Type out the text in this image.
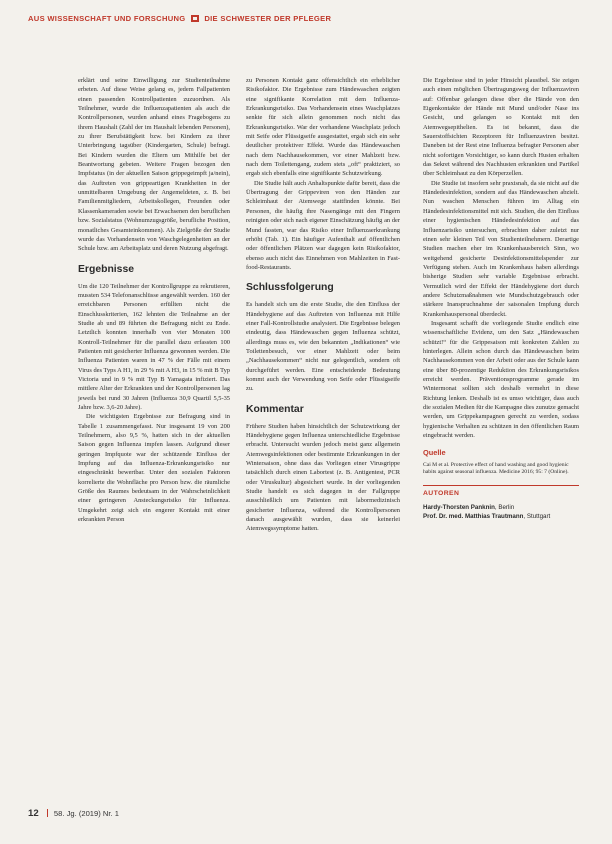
AUS WISSENSCHAFT UND FORSCHUNG DIE SCHWESTER DER PFLEGER

erklärt und seine Einwilligung zur Studienteilnahme erbeten. Auf diese Weise gelang es, jedem Fallpatienten einen passenden Kontrollpatienten zuzuordnen. Als Teilnehmer, wurde die Influenzapatienten als auch die Kontrollpersonen, wurden anhand eines Fragebogens zu ihrem Haushalt (Zahl der im Haushalt lebenden Personen), zu ihrer Berufstätigkeit bzw. bei Kindern zu ihrer Unterbringung tagsüber (Kindergarten, Schule) befragt. Bei Kindern wurden die Eltern um Mithilfe bei der Beantwortung gebeten. Weitere Fragen bezogen den Impfstatus (in der aktuellen Saison grippegeimpft ja/nein), das Auftreten von grippeartigen Krankheiten in der unmittelbaren Umgebung der Angemeldeten, z. B. bei Familienmitgliedern, Arbeitskollegen, Freunden oder Klassenkameraden sowie bei Erwachsenen den beruflichen bzw. Sozialstatus (Wohnumzugsgröße, berufliche Position, monatliches Gesamteinkommen). Als Zielgröße der Studie wurde das Vorhandensein von Waschgelegenheiten an der Schule bzw. am Arbeitsplatz und deren Nutzung abgefragt.

Ergebnisse

Um die 120 Teilnehmer der Kontrollgruppe zu rekrutieren, mussten 534 Telefonanschlüsse angewählt werden. 160 der erreichbaren Personen erfüllten nicht die Einschlusskriterien, 162 lehnten die Teilnahme an der Studie ab und 89 führten die Befragung nicht zu Ende. Letztlich konnten innerhalb von vier Monaten 100 Kontroll-Teilnehmer für die parallel dazu erfassten 100 Patienten mit gesicherter Influenza gewonnen werden. Die Influenza Patienten waren in 47 % der Fälle mit einem Virus des Typs A H1, in 29 % mit A H3, in 15 % mit B Typ Victoria und in 9 % mit Typ B Yamagata infiziert. Das mittlere Alter der Erkrankten und der Kontrollpersonen lag jeweils bei rund 30 Jahren (Influenza 30,9 Quartil 5,5-35 Jahre bzw. 3,6-20 Jahre).

Die wichtigsten Ergebnisse zur Befragung sind in Tabelle 1 zusammengefasst. Nur insgesamt 19 von 200 Teilnehmern, also 9,5 %, hatten sich in der aktuellen Saison gegen Influenza impfen lassen. Aufgrund dieser geringen Impfquote war der schützende Einfluss der Impfung auf das Influenza-Erkrankungsrisiko nur eingeschränkt bewertbar. Unter den sozialen Faktoren korrelierte die Wohnfläche pro Person bzw. die räumliche Größe des Raumes bedeutsam in der Wahrscheinlichkeit einer geringeren Ansteckungsrisiko für Influenza. Umgekehrt zeigt sich ein engerer Kontakt mit einer erkrankten Person

zu Personen Kontakt ganz offensichtlich ein erheblicher Risikofaktor. Die Ergebnisse zum Händewaschen zeigten eine signifikante Korrelation mit dem Influenza-Erkrankungsrisiko. Das Vorhandensein eines Waschplatzes senkte für sich allein genommen noch nicht das Erkrankungsrisiko. War der vorhandene Waschplatz jedoch mit Seife oder Flüssigseife ausgestattet, ergab sich ein sehr deutlicher protektiver Effekt. Wurde das Händewaschen nach dem Nachhausekommen, vor einer Mahlzeit bzw. nach dem Toilettengang, zudem stets „oft“ praktiziert, so ergab sich ebenfalls eine signifikante Schutzwirkung.

Die Studie hält auch Anhaltspunkte dafür bereit, dass die Übertragung der Grippeviren von den Händen zur Schleimhaut der Atemwege stattfinden könnte. Bei Personen, die häufig ihre Nasengänge mit den Fingern reinigten oder sich nach eigener Einschätzung häufig an der Mund fassten, war das Risiko einer Influenzaerkrankung erhöht (Tab. 1). Ein häufiger Aufenthalt auf öffentlichen oder öffentlichen Plätzen war dagegen kein Risikofaktor, ebenso auch nicht das Einnehmen von Mahlzeiten in Fast-food-Restaurants.

Schlussfolgerung

Es handelt sich um die erste Studie, die den Einfluss der Händehygiene auf das Auftreten von Influenza mit Hilfe einer Fall-Kontrollstudie analysiert. Die Ergebnisse belegen eindeutig, dass Händewaschen gegen Influenza schützt, allerdings muss es, wie den bekannten „Indikationen“ wie Toilettenbesuch, vor einer Mahlzeit oder beim „Nachhausekommen“ nicht nur gelegentlich, sondern oft durchgeführt werden. Eine entscheidende Bedeutung kommt auch der Verwendung von Seife oder Flüssigseife zu.

Kommentar

Frühere Studien haben hinsichtlich der Schutzwirkung der Händehygiene gegen Influenza unterschiedliche Ergebnisse erbracht. Untersucht wurden jedoch meist ganz allgemein Atemwegsinfektionen oder bestimmte Erkrankungen in der Wintersaison, ohne dass das Vorliegen einer Virusgrippe tatsächlich durch einen Labortest (z. B. Antigentest, PCR oder Viruskultur) abgesichert wurde. In der vorliegenden Studie handelt es sich dagegen in der Fallgruppe ausschließlich um Patienten mit labormedizinisch gesicherter Influenza, während die Kontrollpersonen danach ausgewählt wurden, dass sie keinerlei Atemwegssymptome hatten.

Die Ergebnisse sind in jeder Hinsicht plausibel. Sie zeigen auch einen möglichen Übertragungsweg der Influenzaviren auf: Offenbar gelangen diese über die Hände von den Eigenkontakte der Hände mit Mund und/oder Nase ins Gesicht, und gelangen so Kontakt mit den Atemwegsepithelien. Es ist bekannt, dass die Sauerstoffsichten Rezeptoren für Influenzaviren besitzt. Daneben ist der Rest eine Influenza befragter Personen aber nicht sofortigen Vorsichtiger, so kann durch Husten erhalten das Sekret während des Nachhusten erkrankten und Partikel über Schleimhaut zu den Körperzellen.

Die Studie ist insofern sehr praxisnah, da sie nicht auf die Händedesinfektion, sondern auf das Händewaschen abzielt. Nun waschen Menschen führen im Alltag ein Händedesinfektionsmittel mit sich. Studien, die den Einfluss einer hygienischen Händedesinfektion auf das Influenzarisiko untersuchen, erbrachten daher zuletzt nur einen sehr kleinen Teil von Studienteilnehmern. Derartige Studien machen eher im Krankenhausbereich Sinn, wo weitgehend gesicherte Desinfektionsmittelspender zur Verfügung stehen. Auch im Krankenhaus haben allerdings bisherige Studien sehr variable Ergebnisse erbracht. Vermutlich wird der Effekt der Händehygiene dort durch andere Schutzmaßnahmen wie Mundschutzgebrauch oder stärkere Inanspruchnahme der saisonalen Impfung durch Krankenhauspersonal überdeckt.

Insgesamt schafft die vorliegende Studie endlich eine wissenschaftliche Evidenz, um den Satz „Händewaschen schützt!“ für die Grippesaison mit konkreten Zahlen zu hinterlegen. Allein schon durch das Händewaschen beim Nachhausekommen von der Arbeit oder aus der Schule kann eine über 80-prozentige Reduktion des Erkrankungsrisikos erreicht werden. Präventionsprogramme gerade im Wintermonat sollten sich deshalb vermehrt in diese Richtung lenken. Deshalb ist es umso wichtiger, dass auch die sozialen Medien für die Kampagne dies zunutze gemacht werden, um Grippekampagnen gerecht zu werden, sodass hygienische Verhalten zu schützen in den öffentlichen Raum eingebracht werden.

Quelle

Cai M et al. Protective effect of hand washing and good hygienic habits against seasonal influenza. Medicine 2016; 95: 7 (Online).

AUTOREN
Hardy-Thorsten Panknin, Berlin
Prof. Dr. med. Matthias Trautmann, Stuttgart
12 58. Jg. (2019) Nr. 1
